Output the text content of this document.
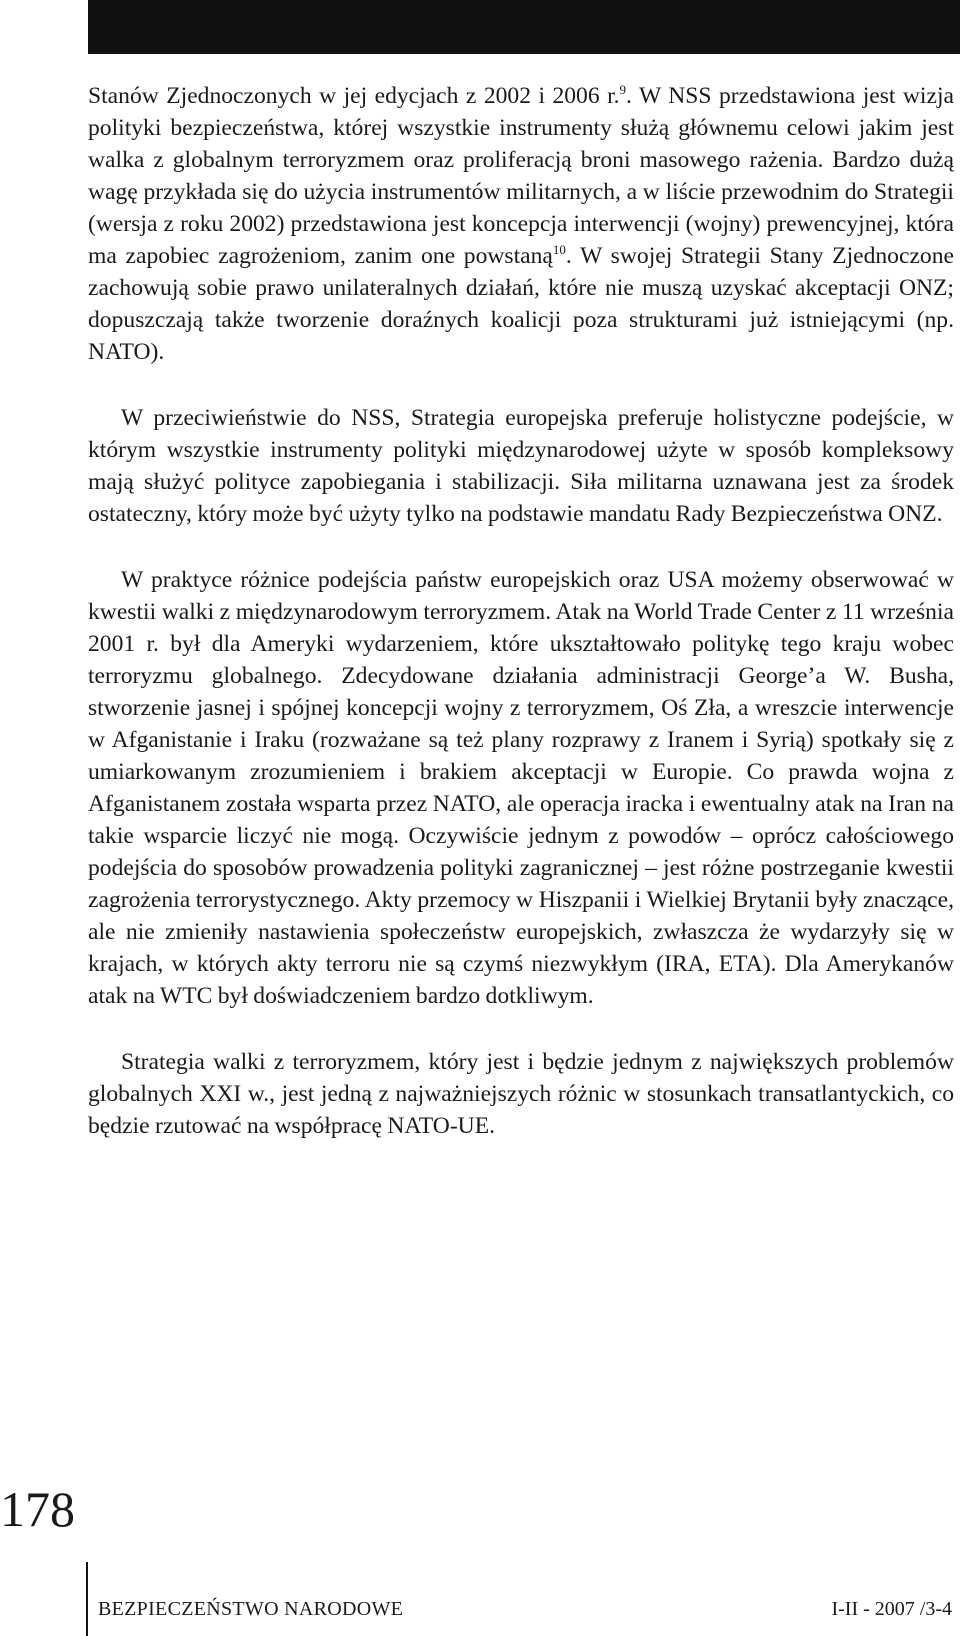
Stanów Zjednoczonych w jej edycjach z 2002 i 2006 r.$^9$. W NSS przedstawiona jest wizja polityki bezpieczeństwa, której wszystkie instrumenty służą głównemu celowi jakim jest walka z globalnym terroryzmem oraz proliferacją broni masowego rażenia. Bardzo dużą wagę przykłada się do użycia instrumentów militarnych, a w liście przewodnim do Strategii (wersja z roku 2002) przedstawiona jest koncepcja interwencji (wojny) prewencyjnej, która ma zapobiec zagrożeniom, zanim one powstaną$^{10}$. W swojej Strategii Stany Zjednoczone zachowują sobie prawo unilateralnych działań, które nie muszą uzyskać akceptacji ONZ; dopuszczają także tworzenie doraźnych koalicji poza strukturami już istniejącymi (np. NATO).

W przeciwieństwie do NSS, Strategia europejska preferuje holistyczne podejście, w którym wszystkie instrumenty polityki międzynarodowej użyte w sposób kompleksowy mają służyć polityce zapobiegania i stabilizacji. Siła militarna uznawana jest za środek ostateczny, który może być użyty tylko na podstawie mandatu Rady Bezpieczeństwa ONZ.

W praktyce różnice podejścia państw europejskich oraz USA możemy obserwować w kwestii walki z międzynarodowym terroryzmem. Atak na World Trade Center z 11 września 2001 r. był dla Ameryki wydarzeniem, które ukształtowało politykę tego kraju wobec terroryzmu globalnego. Zdecydowane działania administracji George’a W. Busha, stworzenie jasnej i spójnej koncepcji wojny z terroryzmem, Oś Zła, a wreszcie interwencje w Afganistanie i Iraku (rozważane są też plany rozprawy z Iranem i Syrią) spotkały się z umiarkowanym zrozumieniem i brakiem akceptacji w Europie. Co prawda wojna z Afganistanem została wsparta przez NATO, ale operacja iracka i ewentualny atak na Iran na takie wsparcie liczyć nie mogą. Oczywiście jednym z powodów – oprócz całościowego podejścia do sposobów prowadzenia polityki zagranicznej – jest różne postrzeganie kwestii zagrożenia terrorystycznego. Akty przemocy w Hiszpanii i Wielkiej Brytanii były znaczące, ale nie zmieniły nastawienia społeczeństw europejskich, zwłaszcza że wydarzyły się w krajach, w których akty terroru nie są czymś niezwykłym (IRA, ETA). Dla Amerykanów atak na WTC był doświadczeniem bardzo dotkliwym.

Strategia walki z terroryzmem, który jest i będzie jednym z największych problemów globalnych XXI w., jest jedną z najważniejszych różnic w stosunkach transatlantyckich, co będzie rzutować na współpracę NATO-UE.

178
BEZPIECZEŃSTWO NARODOWE	I-II - 2007 /3-4
